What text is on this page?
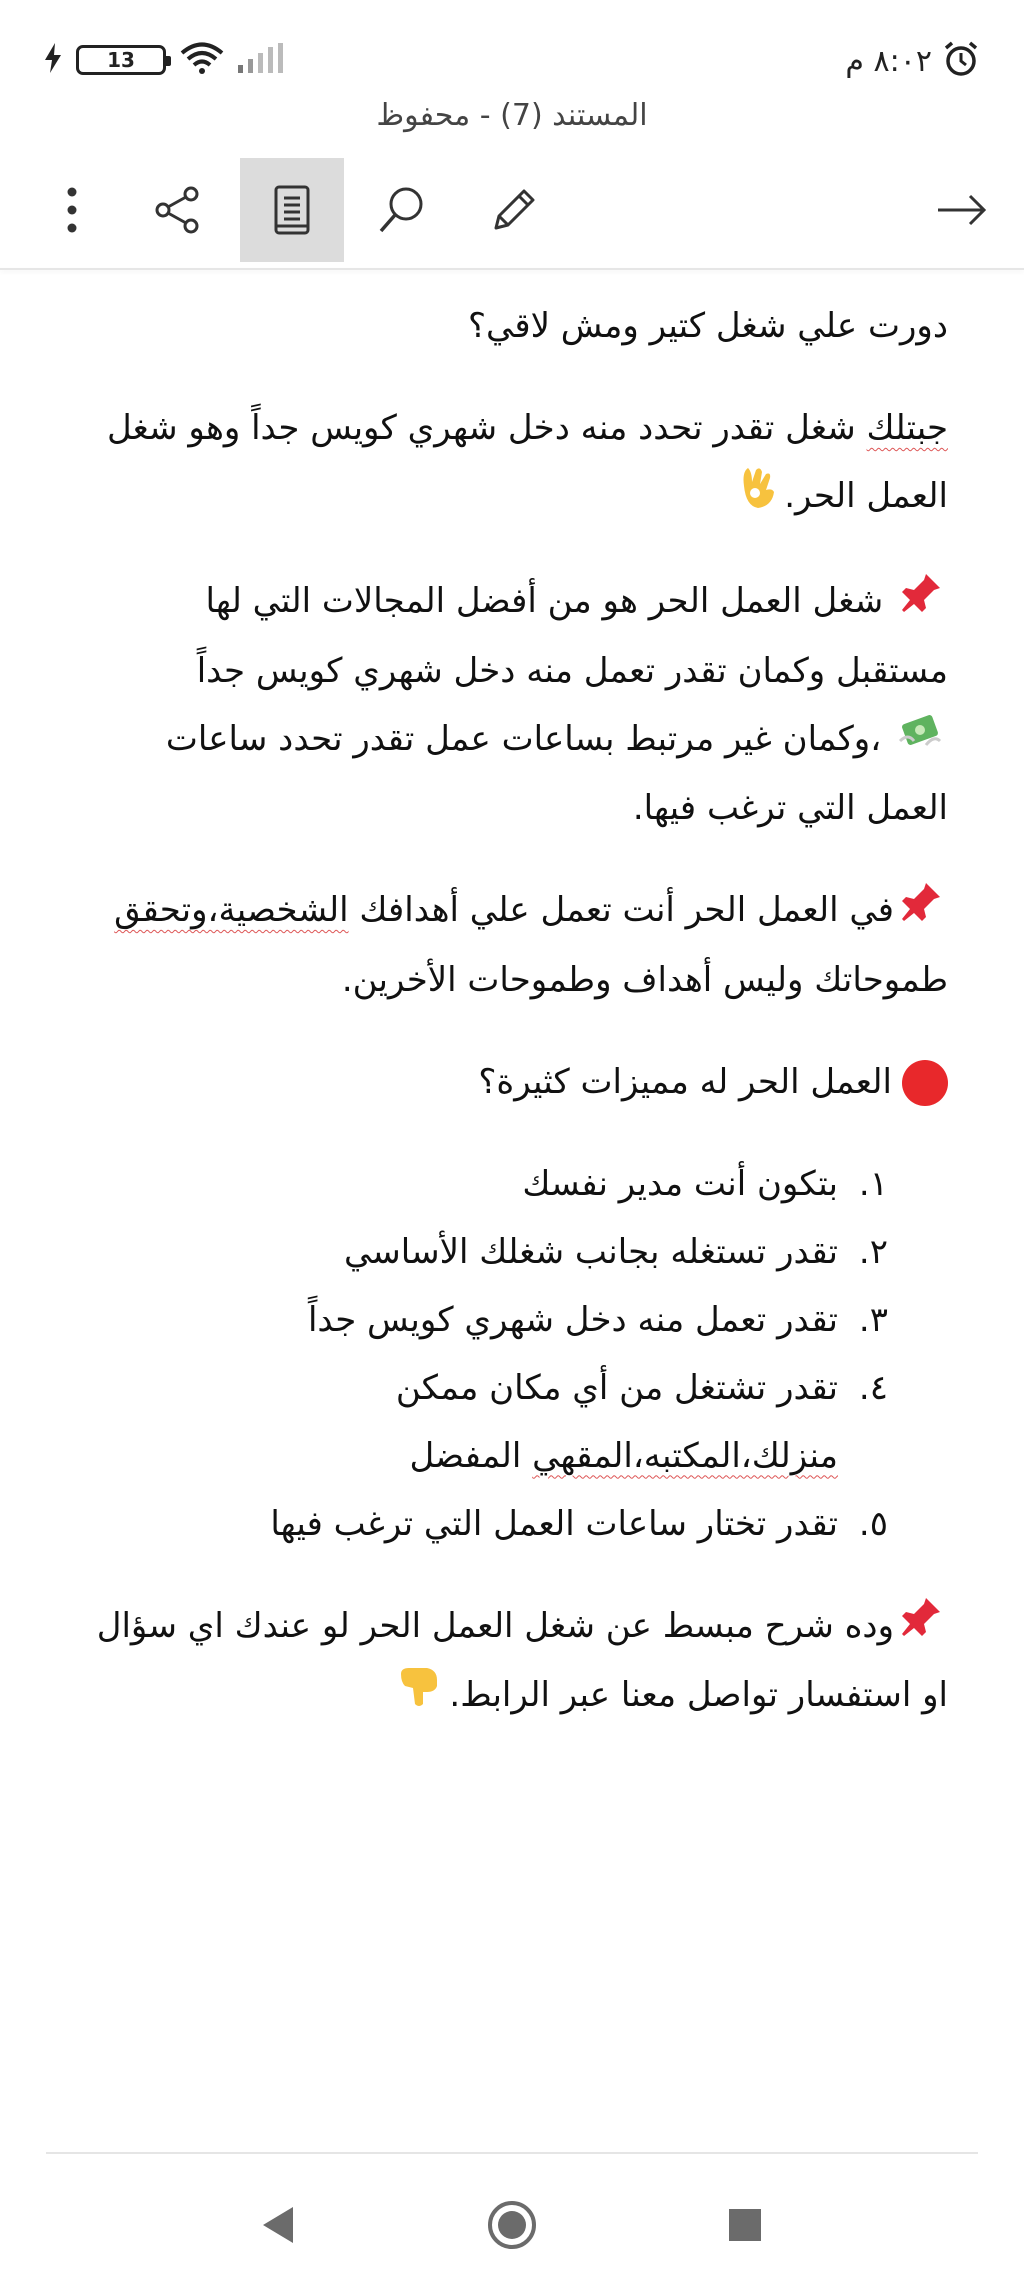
13	٨:٠٢ م
المستند (7) - محفوظ

دورت علي شغل كتير ومش لاقي؟

جبتلك شغل تقدر تحدد منه دخل شهري كويس جداً وهو شغل العمل الحر.

شغل العمل الحر هو من أفضل المجالات التي لها مستقبل وكمان تقدر تعمل منه دخل شهري كويس جداً
،وكمان غير مرتبط بساعات عمل تقدر تحدد ساعات العمل التي ترغب فيها.

في العمل الحر أنت تعمل علي أهدافك الشخصية،وتحقق طموحاتك وليس أهداف وطموحات الأخرين.

العمل الحر له مميزات كثيرة؟

١.
بتكون أنت مدير نفسك
٢.
تقدر تستغله بجانب شغلك الأساسي
٣.
تقدر تعمل منه دخل شهري كويس جداً
٤.
تقدر تشتغل من أي مكان ممكن منزلك،المكتبه،المقهي المفضل
٥.
تقدر تختار ساعات العمل التي ترغب فيها

وده شرح مبسط عن شغل العمل الحر لو عندك اي سؤال او استفسار تواصل معنا عبر الرابط.
